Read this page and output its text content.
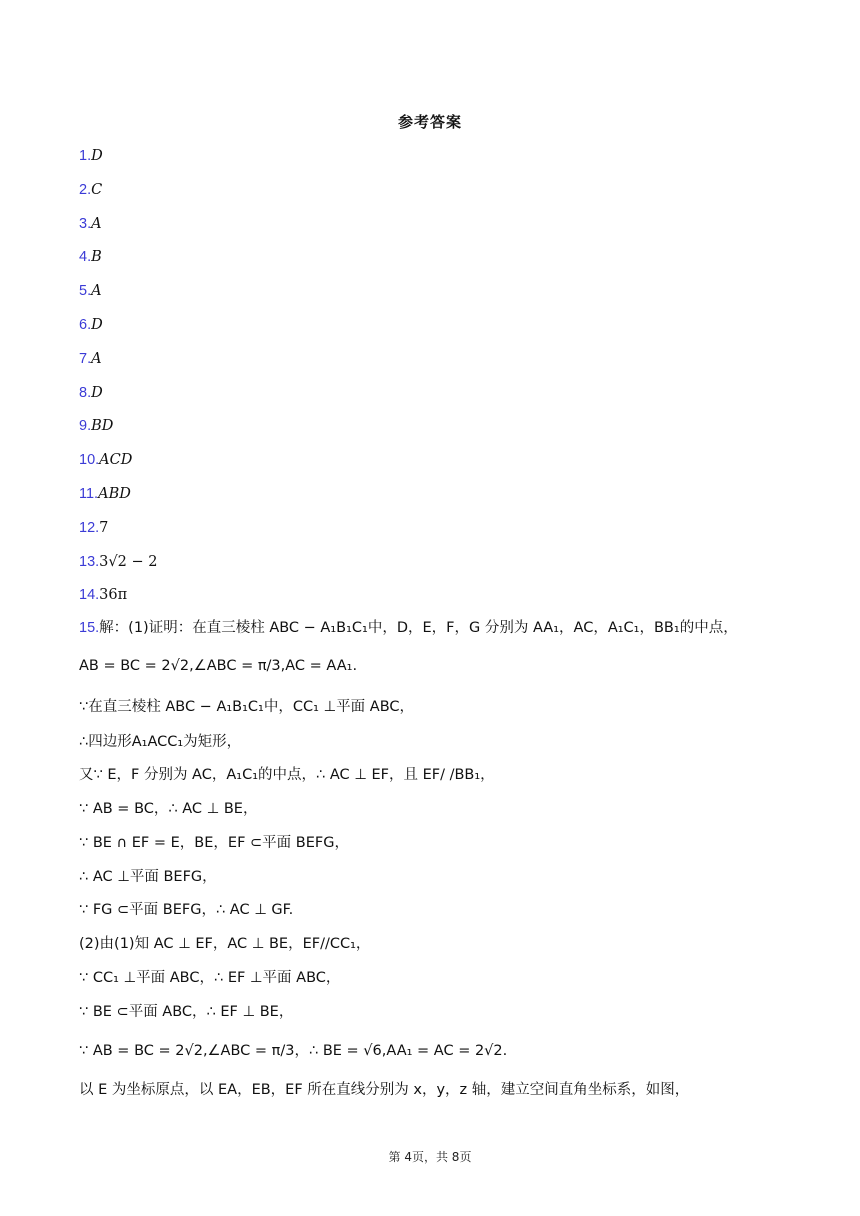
参考答案
1.D
2.C
3.A
4.B
5.A
6.D
7.A
8.D
9.BD
10.ACD
11.ABD
12.7
13.3√2 − 2
14.36π
15.解：(1)证明：在直三棱柱 ABC − A₁B₁C₁中，D，E，F，G 分别为 AA₁，AC，A₁C₁，BB₁的中点，
AB = BC = 2√2,∠ABC = π/3,AC = AA₁.
∵在直三棱柱 ABC − A₁B₁C₁中，CC₁ ⊥平面 ABC，
∴四边形A₁ACC₁为矩形，
又∵ E，F 分别为 AC，A₁C₁的中点，∴ AC ⊥ EF，且 EF/ /BB₁，
∵ AB = BC，∴ AC ⊥ BE，
∵ BE ∩ EF = E，BE，EF ⊂平面 BEFG，
∴ AC ⊥平面 BEFG，
∵ FG ⊂平面 BEFG，∴ AC ⊥ GF.
(2)由(1)知 AC ⊥ EF，AC ⊥ BE，EF//CC₁，
∵ CC₁ ⊥平面 ABC，∴ EF ⊥平面 ABC，
∵ BE ⊂平面 ABC，∴ EF ⊥ BE，
∵ AB = BC = 2√2,∠ABC = π/3，∴ BE = √6,AA₁ = AC = 2√2.
以 E 为坐标原点，以 EA，EB，EF 所在直线分别为 x，y，z 轴，建立空间直角坐标系，如图，
第 4页，共 8页
